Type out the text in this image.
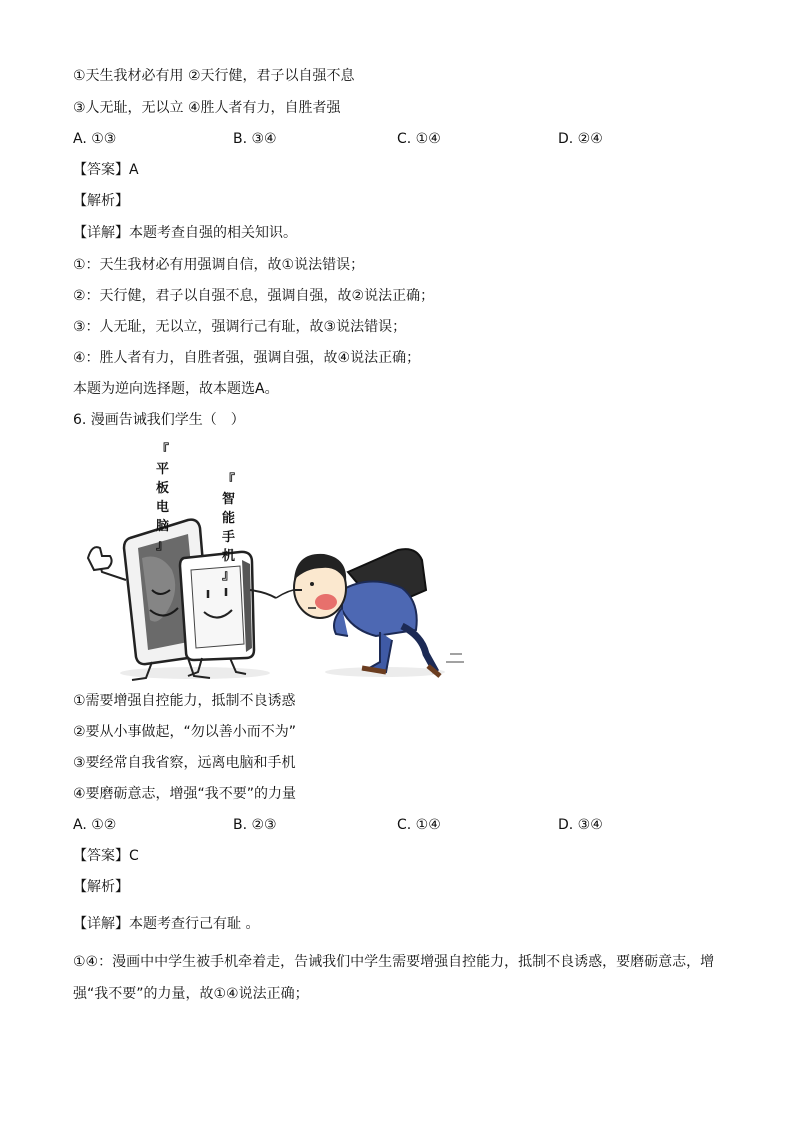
①天生我材必有用 ②天行健，君子以自强不息
③人无耻，无以立 ④胜人者有力，自胜者强
A. ①③	B. ③④	C. ①④	D. ②④
【答案】A
【解析】
【详解】本题考查自强的相关知识。
①：天生我材必有用强调自信，故①说法错误；
②：天行健，君子以自强不息，强调自强，故②说法正确；
③：人无耻，无以立，强调行己有耻，故③说法错误；
④：胜人者有力，自胜者强，强调自强，故④说法正确；
本题为逆向选择题，故本题选A。
6. 漫画告诫我们学生（　）
『
平
板
电
脑
』
『
智
能
手
机
』
①需要增强自控能力，抵制不良诱惑
②要从小事做起，“勿以善小而不为”
③要经常自我省察，远离电脑和手机
④要磨砺意志，增强“我不要”的力量
A. ①②	B. ②③	C. ①④	D. ③④
【答案】C
【解析】
【详解】本题考查行己有耻 。
①④：漫画中中学生被手机牵着走，告诫我们中学生需要增强自控能力，抵制不良诱惑，要磨砺意志，增
强“我不要”的力量，故①④说法正确；
